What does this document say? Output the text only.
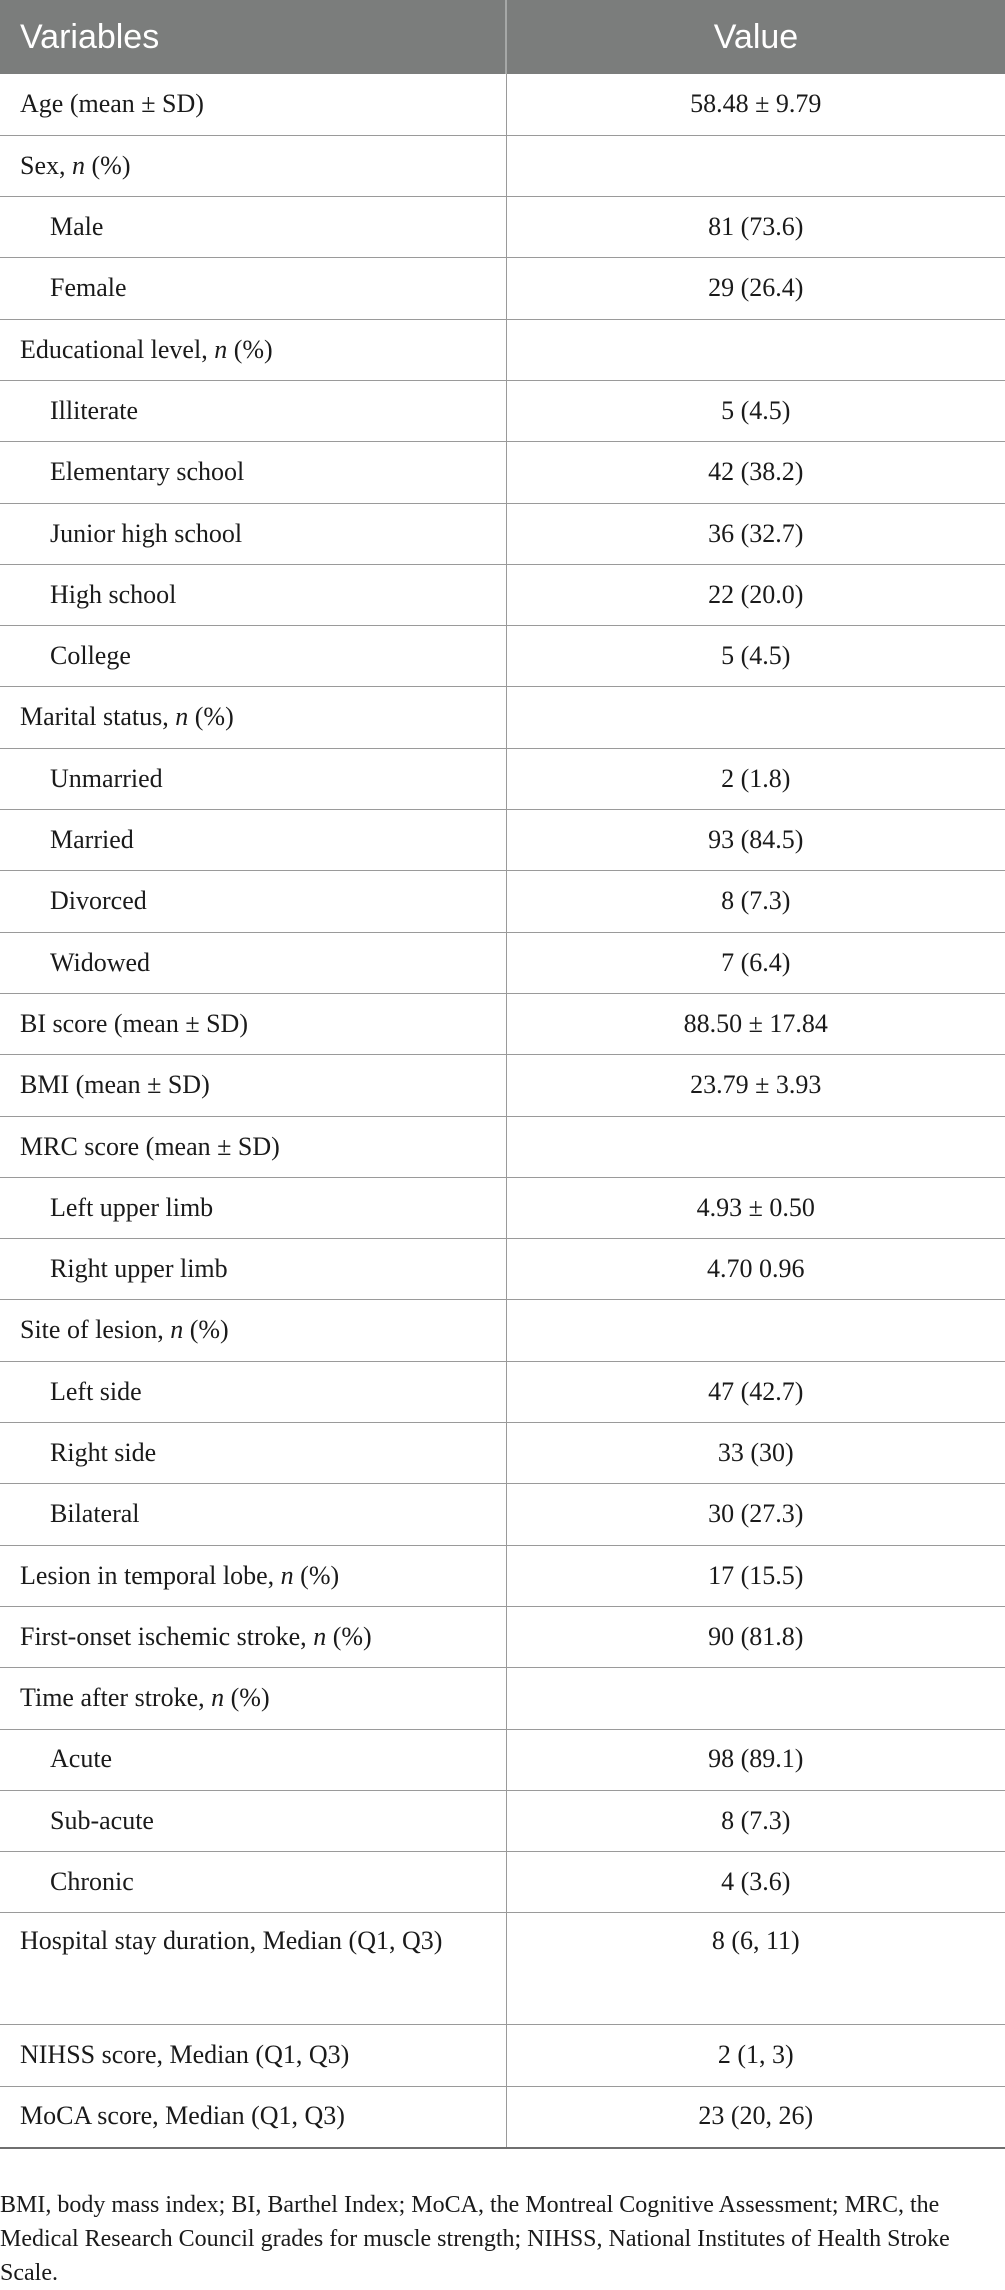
Variables	Value
Age (mean ± SD)	58.48 ± 9.79
Sex, n (%)	
Male	81 (73.6)
Female	29 (26.4)
Educational level, n (%)	
Illiterate	5 (4.5)
Elementary school	42 (38.2)
Junior high school	36 (32.7)
High school	22 (20.0)
College	5 (4.5)
Marital status, n (%)	
Unmarried	2 (1.8)
Married	93 (84.5)
Divorced	8 (7.3)
Widowed	7 (6.4)
BI score (mean ± SD)	88.50 ± 17.84
BMI (mean ± SD)	23.79 ± 3.93
MRC score (mean ± SD)	
Left upper limb	4.93 ± 0.50
Right upper limb	4.70 0.96
Site of lesion, n (%)	
Left side	47 (42.7)
Right side	33 (30)
Bilateral	30 (27.3)
Lesion in temporal lobe, n (%)	17 (15.5)
First-onset ischemic stroke, n (%)	90 (81.8)
Time after stroke, n (%)	
Acute	98 (89.1)
Sub-acute	8 (7.3)
Chronic	4 (3.6)
Hospital stay duration, Median (Q1, Q3)	8 (6, 11)
NIHSS score, Median (Q1, Q3)	2 (1, 3)
MoCA score, Median (Q1, Q3)	23 (20, 26)

BMI, body mass index; BI, Barthel Index; MoCA, the Montreal Cognitive Assessment; MRC, the Medical Research Council grades for muscle strength; NIHSS, National Institutes of Health Stroke Scale.
